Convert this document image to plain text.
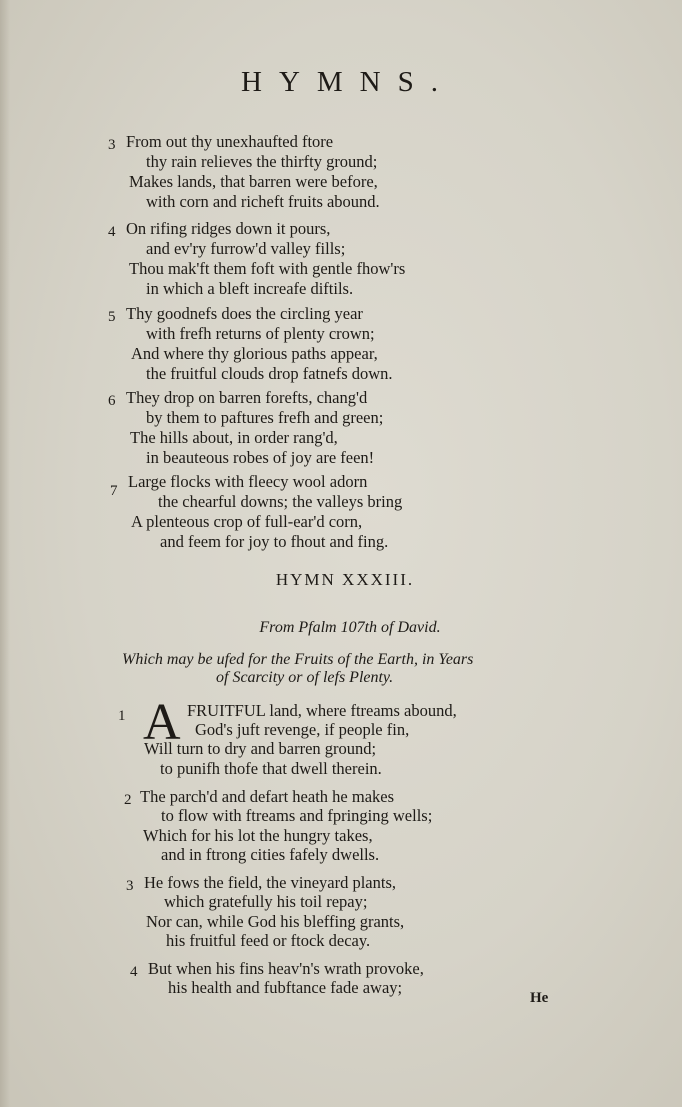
HYMNS.
3 From out thy unexhaufted ftore
thy rain relieves the thirfty ground;
Makes lands, that barren were before,
with corn and richeft fruits abound.
4 On rifing ridges down it pours,
and ev'ry furrow'd valley fills;
Thou mak'ft them foft with gentle fhow'rs
in which a bleft increafe diftils.
5 Thy goodnefs does the circling year
with frefh returns of plenty crown;
And where thy glorious paths appear,
the fruitful clouds drop fatnefs down.
6 They drop on barren forefts, chang'd
by them to paftures frefh and green;
The hills about, in order rang'd,
in beauteous robes of joy are feen!
7 Large flocks with fleecy wool adorn
the chearful downs; the valleys bring
A plenteous crop of full-ear'd corn,
and feem for joy to fhout and fing.
HYMN XXXIII.
From Pfalm 107th of David.
Which may be ufed for the Fruits of the Earth, in Years
of Scarcity or of lefs Plenty.
1	FRUITFUL land, where ftreams abound,
God's juft revenge, if people fin,
Will turn to dry and barren ground;
to punifh thofe that dwell therein.
A
2 The parch'd and defart heath he makes
to flow with ftreams and fpringing wells;
Which for his lot the hungry takes,
and in ftrong cities fafely dwells.
3 He fows the field, the vineyard plants,
which gratefully his toil repay;
Nor can, while God his bleffing grants,
his fruitful feed or ftock decay.
4 But when his fins heav'n's wrath provoke,
his health and fubftance fade away;
He
